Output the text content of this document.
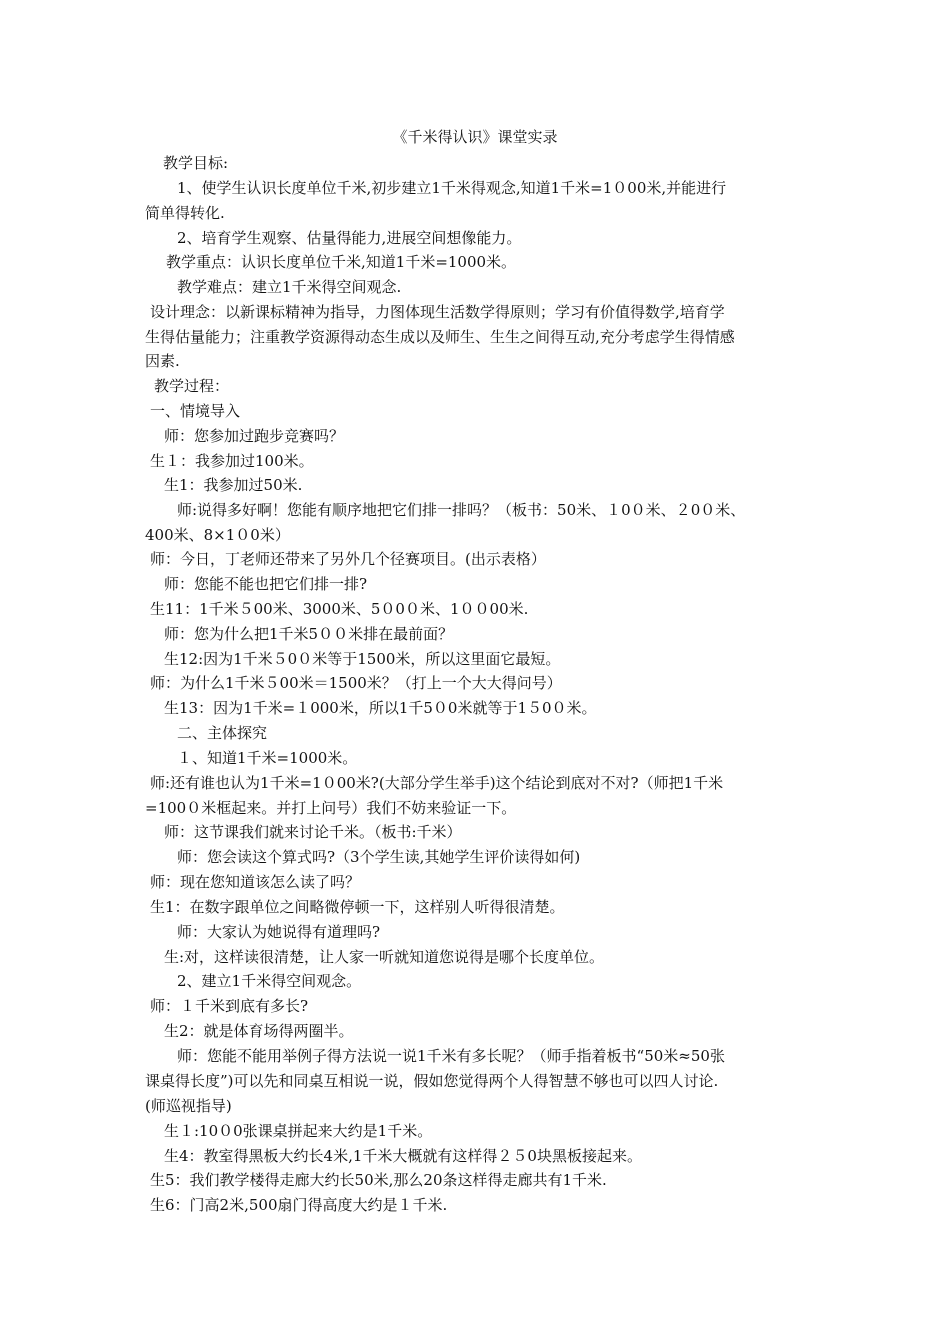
《千米得认识》课堂实录
教学目标:
1、使学生认识长度单位千米,初步建立1千米得观念,知道1千米=1０00米,并能进行
简单得转化.
2、培育学生观察、估量得能力,进展空间想像能力。
教学重点：认识长度单位千米,知道1千米=1000米。
教学难点：建立1千米得空间观念.
设计理念：以新课标精神为指导，力图体现生活数学得原则；学习有价值得数学,培育学
生得估量能力；注重教学资源得动态生成以及师生、生生之间得互动,充分考虑学生得情感
因素.
教学过程：
一、情境导入
师：您参加过跑步竞赛吗？
生１：我参加过100米。
生1：我参加过50米.
师:说得多好啊！您能有顺序地把它们排一排吗？（板书：50米、１0０米、２0０米、
400米、8×1０0米）
师：今日，丁老师还带来了另外几个径赛项目。(出示表格）
师：您能不能也把它们排一排?
生11：1千米５00米、3000米、5０0０米、1００00米.
师：您为什么把1千米5００米排在最前面？
生12:因为1千米５0０米等于1500米，所以这里面它最短。
师：为什么1千米５00米＝1500米？（打上一个大大得问号）
生13：因为1千米=１000米，所以1千5０0米就等于1５0０米。
二、主体探究
１、知道1千米=1000米。
师:还有谁也认为1千米=1０00米?(大部分学生举手)这个结论到底对不对?（师把1千米
=100０米框起来。并打上问号）我们不妨来验证一下。
师：这节课我们就来讨论千米。（板书:千米）
师：您会读这个算式吗?（3个学生读,其她学生评价读得如何)
师：现在您知道该怎么读了吗？
生1：在数字跟单位之间略微停顿一下，这样别人听得很清楚。
师：大家认为她说得有道理吗?
生:对，这样读很清楚，让人家一听就知道您说得是哪个长度单位。
2、建立1千米得空间观念。
师：１千米到底有多长?
生2：就是体育场得两圈半。
师：您能不能用举例子得方法说一说1千米有多长呢？（师手指着板书“50米≈50张
课桌得长度”)可以先和同桌互相说一说，假如您觉得两个人得智慧不够也可以四人讨论.
(师巡视指导)
生１:10０0张课桌拼起来大约是1千米。
生4：教室得黑板大约长4米,1千米大概就有这样得２５0块黑板接起来。
生5：我们教学楼得走廊大约长50米,那么20条这样得走廊共有1千米.
生6：门高2米,500扇门得高度大约是１千米.
